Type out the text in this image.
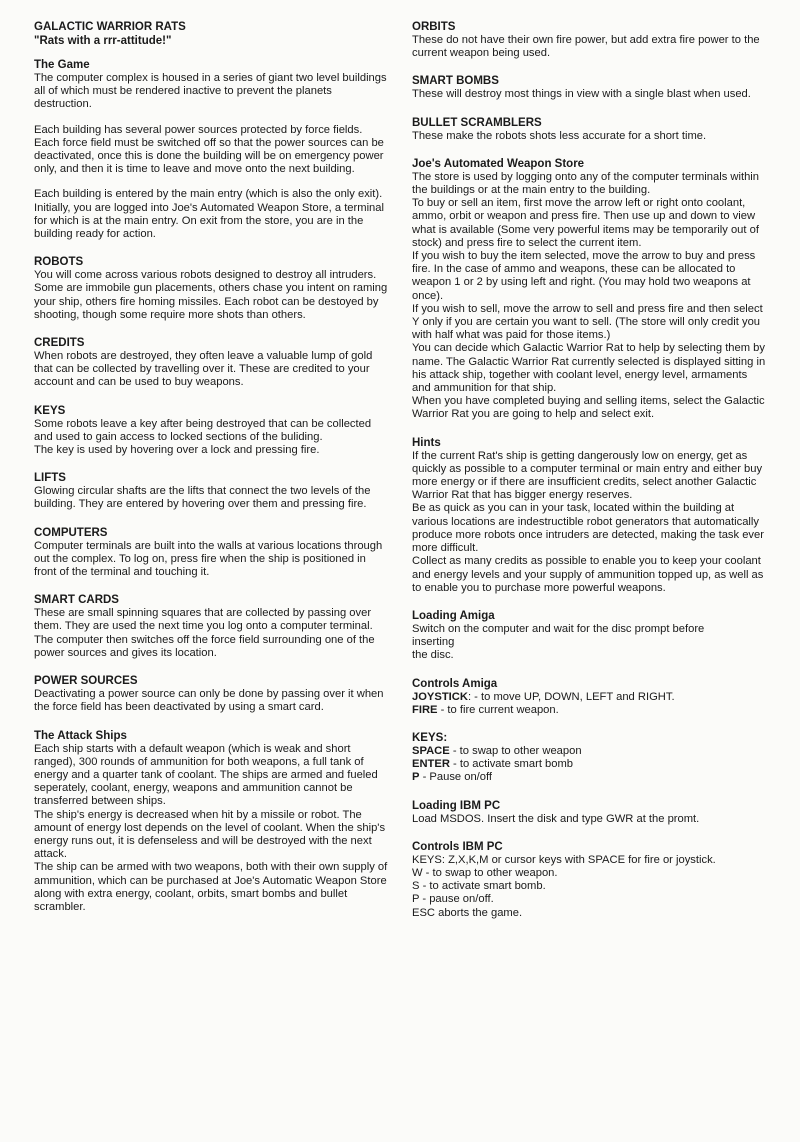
GALACTIC WARRIOR RATS
"Rats with a rrr-attitude!"
The Game

The computer complex is housed in a series of giant two level buildings all of which must be rendered inactive to prevent the planets destruction.

Each building has several power sources protected by force fields. Each force field must be switched off so that the power sources can be deactivated, once this is done the building will be on emergency power only, and then it is time to leave and move onto the next building.

Each building is entered by the main entry (which is also the only exit). Initially, you are logged into Joe's Automated Weapon Store, a terminal for which is at the main entry. On exit from the store, you are in the building ready for action.

ROBOTS

You will come across various robots designed to destroy all intruders. Some are immobile gun placements, others chase you intent on raming your ship, others fire homing missiles. Each robot can be destoyed by shooting, though some require more shots than others.

CREDITS

When robots are destroyed, they often leave a valuable lump of gold that can be collected by travelling over it. These are credited to your account and can be used to buy weapons.

KEYS

Some robots leave a key after being destroyed that can be collected and used to gain access to locked sections of the buliding.

The key is used by hovering over a lock and pressing fire.

LIFTS

Glowing circular shafts are the lifts that connect the two levels of the building. They are entered by hovering over them and pressing fire.

COMPUTERS

Computer terminals are built into the walls at various locations through out the complex. To log on, press fire when the ship is positioned in front of the terminal and touching it.

SMART CARDS

These are small spinning squares that are collected by passing over them. They are used the next time you log onto a computer terminal. The computer then switches off the force field surrounding one of the power sources and gives its location.

POWER SOURCES

Deactivating a power source can only be done by passing over it when the force field has been deactivated by using a smart card.

The Attack Ships

Each ship starts with a default weapon (which is weak and short ranged), 300 rounds of ammunition for both weapons, a full tank of energy and a quarter tank of coolant. The ships are armed and fueled seperately, coolant, energy, weapons and ammunition cannot be transferred between ships.

The ship's energy is decreased when hit by a missile or robot. The amount of energy lost depends on the level of coolant. When the ship's energy runs out, it is defenseless and will be destroyed with the next attack.

The ship can be armed with two weapons, both with their own supply of ammunition, which can be purchased at Joe's Automatic Weapon Store along with extra energy, coolant, orbits, smart bombs and bullet scrambler.

ORBITS

These do not have their own fire power, but add extra fire power to the current weapon being used.

SMART BOMBS

These will destroy most things in view with a single blast when used.

BULLET SCRAMBLERS

These make the robots shots less accurate for a short time.

Joe's Automated Weapon Store

The store is used by logging onto any of the computer terminals within the buildings or at the main entry to the building.

To buy or sell an item, first move the arrow left or right onto coolant, ammo, orbit or weapon and press fire. Then use up and down to view what is available (Some very powerful items may be temporarily out of stock) and press fire to select the current item.

If you wish to buy the item selected, move the arrow to buy and press fire. In the case of ammo and weapons, these can be allocated to weapon 1 or 2 by using left and right. (You may hold two weapons at once).

If you wish to sell, move the arrow to sell and press fire and then select Y only if you are certain you want to sell. (The store will only credit you with half what was paid for those items.)

You can decide which Galactic Warrior Rat to help by selecting them by name. The Galactic Warrior Rat currently selected is displayed sitting in his attack ship, together with coolant level, energy level, armaments and ammunition for that ship.

When you have completed buying and selling items, select the Galactic Warrior Rat you are going to help and select exit.

Hints

If the current Rat's ship is getting dangerously low on energy, get as quickly as possible to a computer terminal or main entry and either buy more energy or if there are insufficient credits, select another Galactic Warrior Rat that has bigger energy reserves.

Be as quick as you can in your task, located within the building at various locations are indestructible robot generators that automatically produce more robots once intruders are detected, making the task ever more difficult.

Collect as many credits as possible to enable you to keep your coolant and energy levels and your supply of ammunition topped up, as well as to enable you to purchase more powerful weapons.

Loading Amiga

Switch on the computer and wait for the disc prompt before
inserting
the disc.

Controls Amiga
JOYSTICK: - to move UP, DOWN, LEFT and RIGHT.
FIRE - to fire current weapon.
KEYS:
SPACE - to swap to other weapon
ENTER - to activate smart bomb
P - Pause on/off
Loading IBM PC

Load MSDOS. Insert the disk and type GWR at the promt.

Controls IBM PC
KEYS: Z,X,K,M or cursor keys with SPACE for fire or joystick.
W - to swap to other weapon.
S - to activate smart bomb.
P - pause on/off.
ESC aborts the game.
